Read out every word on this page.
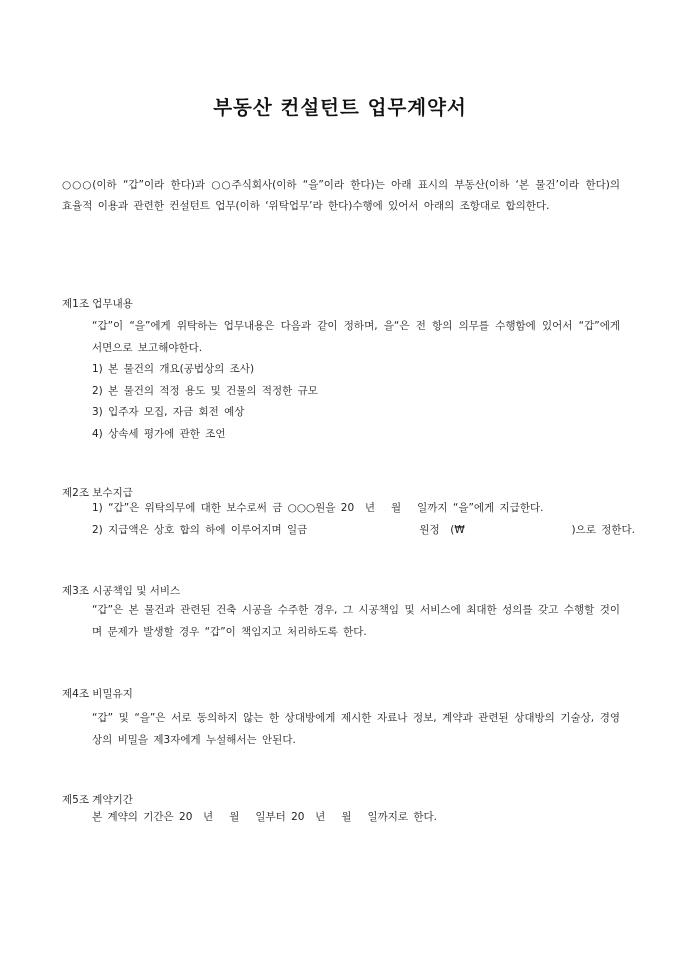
부동산 컨설턴트 업무계약서
○○○(이하 “갑”이라 한다)과 ○○주식회사(이하 “을”이라 한다)는 아래 표시의 부동산(이하 ‘본 물건’이라 한다)의 효율적 이용과 관련한 컨설턴트 업무(이하 ‘위탁업무’라 한다)수행에 있어서 아래의 조항대로 합의한다.
제1조 업무내용
“갑”이 “을”에게 위탁하는 업무내용은 다음과 같이 정하며, 을“은 전 항의 의무를 수행함에 있어서 “갑”에게 서면으로 보고해야한다.
1) 본 물건의 개요(공법상의 조사)
2) 본 물건의 적정 용도 및 건물의 적정한 규모
3) 입주자 모집, 자금 회전 예상
4) 상속세 평가에 관한 조언
제2조 보수지급
1) “갑”은 위탁의무에 대한 보수로써 금 ○○○원을 20  년   월   일까지 “을”에게 지급한다.
2) 지급액은 상호 합의 하에 이루어지며 일금                     원정  (₩                    )으로 정한다.
제3조 시공책임 및 서비스
“갑”은 본 물건과 관련된 건축 시공을 수주한 경우, 그 시공책임 및 서비스에 최대한 성의를 갖고 수행할 것이며 문제가 발생할 경우 “갑”이 책임지고 처리하도록 한다.
제4조 비밀유지
“갑” 및 “을”은 서로 동의하지 않는 한 상대방에게 제시한 자료나 정보, 계약과 관련된 상대방의 기술상, 경영상의 비밀을 제3자에게 누설해서는 안된다.
제5조 계약기간
본 계약의 기간은 20  년   월   일부터 20  년   월   일까지로 한다.
